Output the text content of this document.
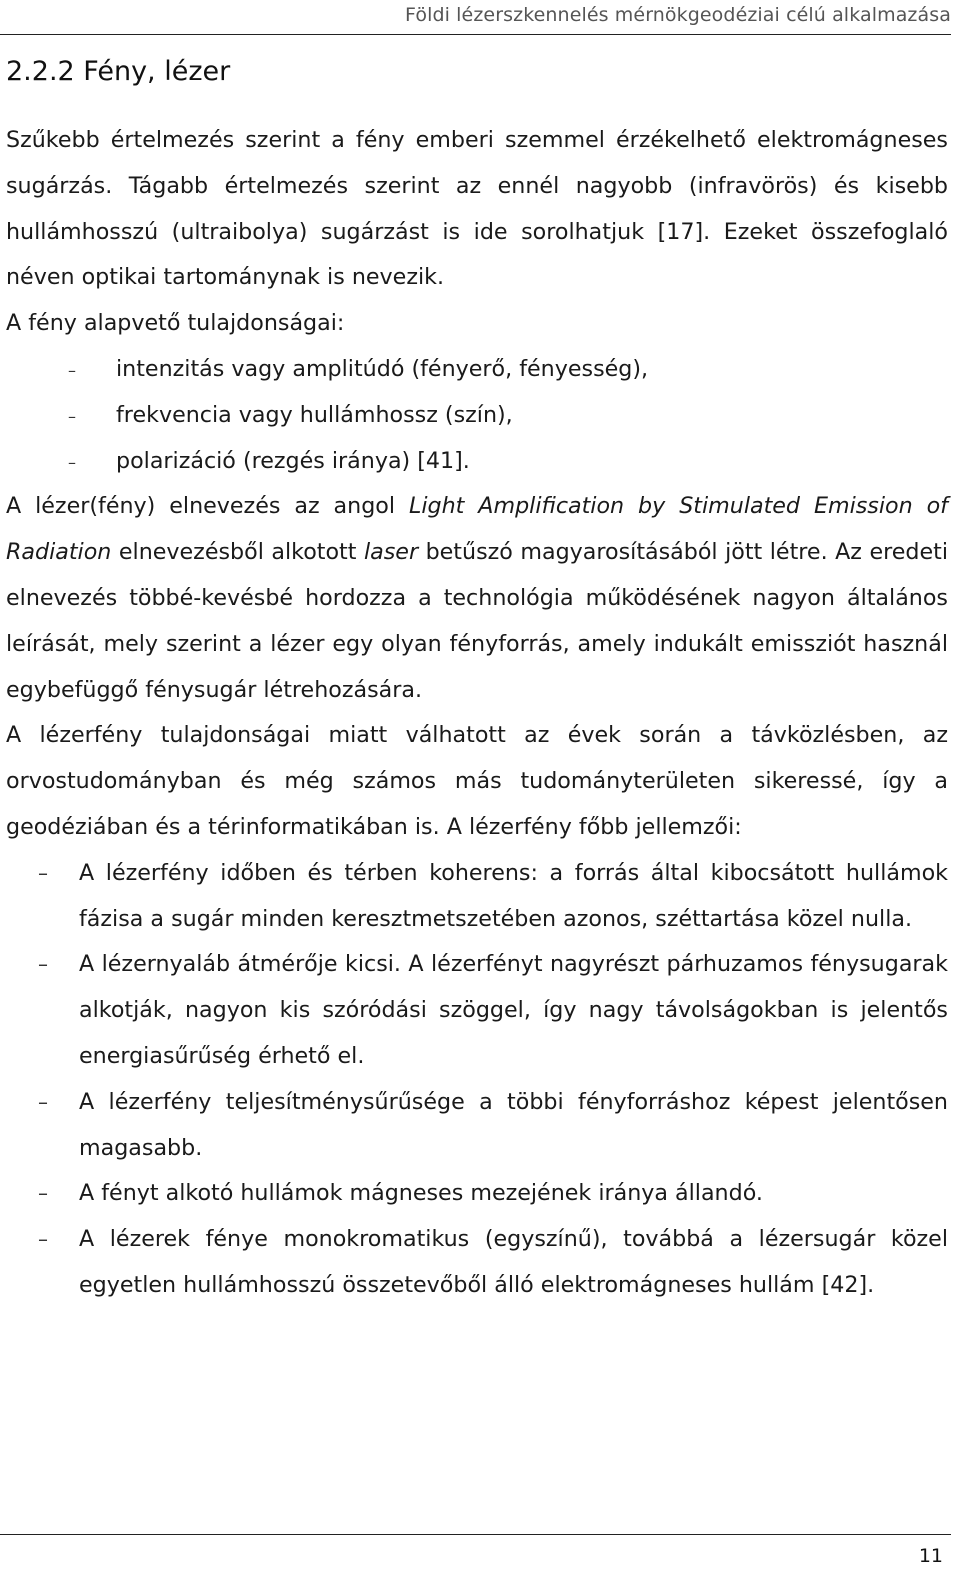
Földi lézerszkennelés mérnökgeodéziai célú alkalmazása
2.2.2 Fény, lézer

Szűkebb értelmezés szerint a fény emberi szemmel érzékelhető elektromágneses sugárzás. Tágabb értelmezés szerint az ennél nagyobb (infravörös) és kisebb hullámhosszú (ultraibolya) sugárzást is ide sorolhatjuk [17]. Ezeket összefoglaló néven optikai tartománynak is nevezik.

A fény alapvető tulajdonságai:

– intenzitás vagy amplitúdó (fényerő, fényesség),
– frekvencia vagy hullámhossz (szín),
– polarizáció (rezgés iránya) [41].

A lézer(fény) elnevezés az angol Light Amplification by Stimulated Emission of Radiation elnevezésből alkotott laser betűszó magyarosításából jött létre. Az eredeti elnevezés többé-kevésbé hordozza a technológia működésének nagyon általános leírását, mely szerint a lézer egy olyan fényforrás, amely indukált emissziót használ egybefüggő fénysugár létrehozására.

A lézerfény tulajdonságai miatt válhatott az évek során a távközlésben, az orvostudományban és még számos más tudományterületen sikeressé, így a geodéziában és a térinformatikában is. A lézerfény főbb jellemzői:

– A lézerfény időben és térben koherens: a forrás által kibocsátott hullámok fázisa a sugár minden keresztmetszetében azonos, széttartása közel nulla.
– A lézernyaláb átmérője kicsi. A lézerfényt nagyrészt párhuzamos fénysugarak alkotják, nagyon kis szóródási szöggel, így nagy távolságokban is jelentős energiasűrűség érhető el.
– A lézerfény teljesítménysűrűsége a többi fényforráshoz képest jelentősen magasabb.
– A fényt alkotó hullámok mágneses mezejének iránya állandó.
– A lézerek fénye monokromatikus (egyszínű), továbbá a lézersugár közel egyetlen hullámhosszú összetevőből álló elektromágneses hullám [42].
11
